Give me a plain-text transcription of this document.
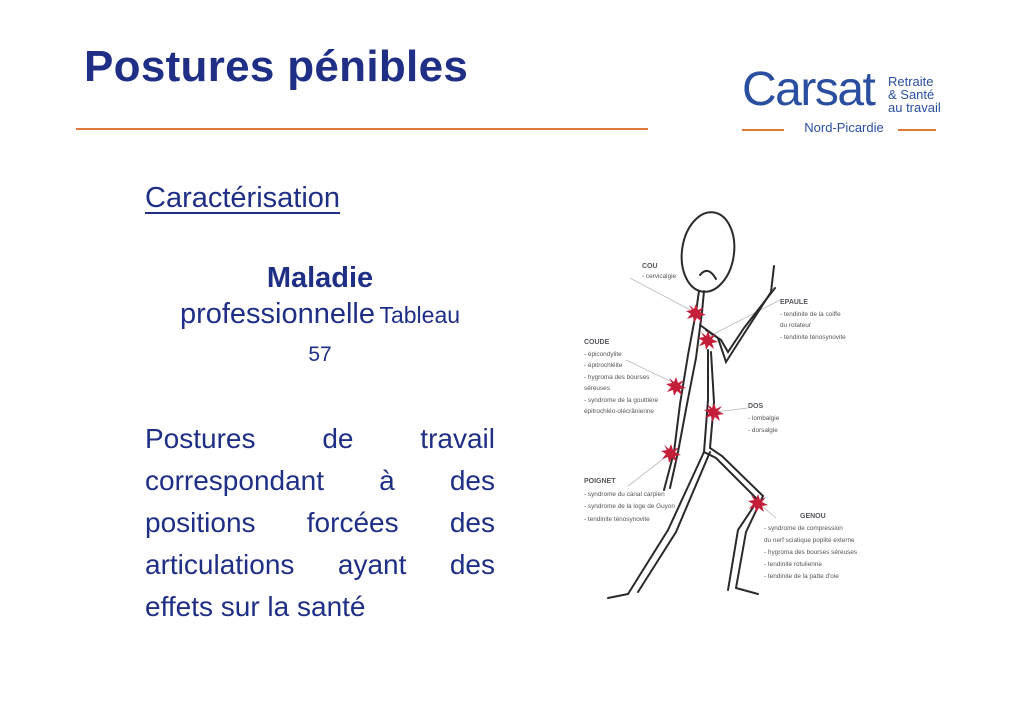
Postures pénibles	Carsat Retraite
& Santé
au travail
Nord-Picardie
Caractérisation
Maladie
professionnelle Tableau
57

Postures de travail correspondant à des positions forcées des articulations ayant des effets sur la santé

COU
- cervicalgie
EPAULE
- tendinite de la coiffe
du rotateur
- tendinite ténosynovite
COUDE
- épicondylite
- épitrochléite
- hygroma des bourses
séreuses
- syndrome de la gouttière
épitrochléo-olécrânienne
DOS
- lombalgie
- dorsalgie
POIGNET
- syndrome du canal carpien
- syndrome de la loge de Guyon
- tendinite ténosynovite	GENOU
- syndrome de compression
du nerf sciatique poplité externe
- hygroma des bourses séreuses
- tendinite rotulienne
- tendinite de la patte d'oie
